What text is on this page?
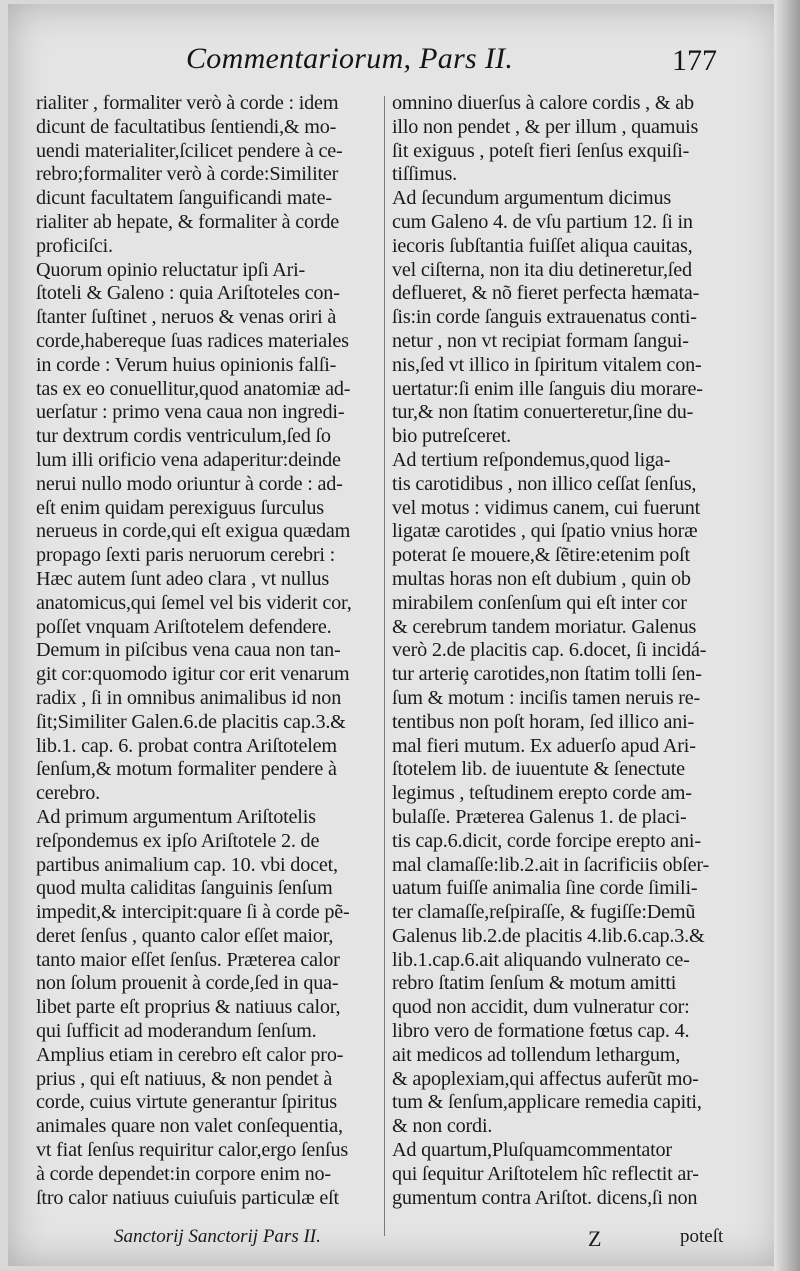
Commentariorum, Pars II.	177
rialiter , formaliter verò à corde : idem
dicunt de facultatibus ſentiendi,& mo-
uendi materialiter,ſcilicet pendere à ce-
rebro;formaliter verò à corde:Similiter
dicunt facultatem ſanguificandi mate-
rialiter ab hepate, & formaliter à corde
proficiſci.
Quorum opinio reluctatur ipſi Ari-
ſtoteli & Galeno : quia Ariſtoteles con-
ſtanter ſuſtinet , neruos & venas oriri à
corde,habereque ſuas radices materiales
in corde : Verum huius opinionis falſi-
tas ex eo conuellitur,quod anatomiæ ad-
uerſatur : primo vena caua non ingredi-
tur dextrum cordis ventriculum,ſed ſo
lum illi orificio vena adaperitur:deinde
nerui nullo modo oriuntur à corde : ad-
eſt enim quidam perexiguus ſurculus
nerueus in corde,qui eſt exigua quædam
propago ſexti paris neruorum cerebri :
Hæc autem ſunt adeo clara , vt nullus
anatomicus,qui ſemel vel bis viderit cor,
poſſet vnquam Ariſtotelem defendere.
Demum in piſcibus vena caua non tan-
git cor:quomodo igitur cor erit venarum
radix , ſi in omnibus animalibus id non
ſit;Similiter Galen.6.de placitis cap.3.&
lib.1. cap. 6. probat contra Ariſtotelem
ſenſum,& motum formaliter pendere à
cerebro.
Ad primum argumentum Ariſtotelis
reſpondemus ex ipſo Ariſtotele 2. de
partibus animalium cap. 10. vbi docet,
quod multa caliditas ſanguinis ſenſum
impedit,& intercipit:quare ſi à corde pẽ-
deret ſenſus , quanto calor eſſet maior,
tanto maior eſſet ſenſus. Præterea calor
non ſolum prouenit à corde,ſed in qua-
libet parte eſt proprius & natiuus calor,
qui ſufficit ad moderandum ſenſum.
Amplius etiam in cerebro eſt calor pro-
prius , qui eſt natiuus, & non pendet à
corde, cuius virtute generantur ſpiritus
animales quare non valet conſequentia,
vt fiat ſenſus requiritur calor,ergo ſenſus
à corde dependet:in corpore enim no-
ſtro calor natiuus cuiuſuis particulæ eſt
omnino diuerſus à calore cordis , & ab
illo non pendet , & per illum , quamuis
ſit exiguus , poteſt fieri ſenſus exquiſi-
tiſſimus.
Ad ſecundum argumentum dicimus
cum Galeno 4. de vſu partium 12. ſi in
iecoris ſubſtantia fuiſſet aliqua cauitas,
vel ciſterna, non ita diu detineretur,ſed
deflueret, & nõ fieret perfecta hæmata-
ſis:in corde ſanguis extrauenatus conti-
netur , non vt recipiat formam ſangui-
nis,ſed vt illico in ſpiritum vitalem con-
uertatur:ſi enim ille ſanguis diu morare-
tur,& non ſtatim conuerteretur,ſine du-
bio putreſceret.
Ad tertium reſpondemus,quod liga-
tis carotidibus , non illico ceſſat ſenſus,
vel motus : vidimus canem, cui fuerunt
ligatæ carotides , qui ſpatio vnius horæ
poterat ſe mouere,& ſẽtire:etenim poſt
multas horas non eſt dubium , quin ob
mirabilem conſenſum qui eſt inter cor
& cerebrum tandem moriatur. Galenus
verò 2.de placitis cap. 6.docet, ſi incidá-
tur arteriȩ carotides,non ſtatim tolli ſen-
ſum & motum : inciſis tamen neruis re-
tentibus non poſt horam, ſed illico ani-
mal fieri mutum. Ex aduerſo apud Ari-
ſtotelem lib. de iuuentute & ſenectute
legimus , teſtudinem erepto corde am-
bulaſſe. Præterea Galenus 1. de placi-
tis cap.6.dicit, corde forcipe erepto ani-
mal clamaſſe:lib.2.ait in ſacrificiis obſer-
uatum fuiſſe animalia ſine corde ſimili-
ter clamaſſe,reſpiraſſe, & fugiſſe:Demũ
Galenus lib.2.de placitis 4.lib.6.cap.3.&
lib.1.cap.6.ait aliquando vulnerato ce-
rebro ſtatim ſenſum & motum amitti
quod non accidit, dum vulneratur cor:
libro vero de formatione fœtus cap. 4.
ait medicos ad tollendum lethargum,
& apoplexiam,qui affectus auferũt mo-
tum & ſenſum,applicare remedia capiti,
& non cordi.
Ad quartum,Pluſquamcommentator
qui ſequitur Ariſtotelem hîc reflectit ar-
gumentum contra Ariſtot. dicens,ſi non
Sanctorij Sanctorij Pars II.	Z	poteſt
